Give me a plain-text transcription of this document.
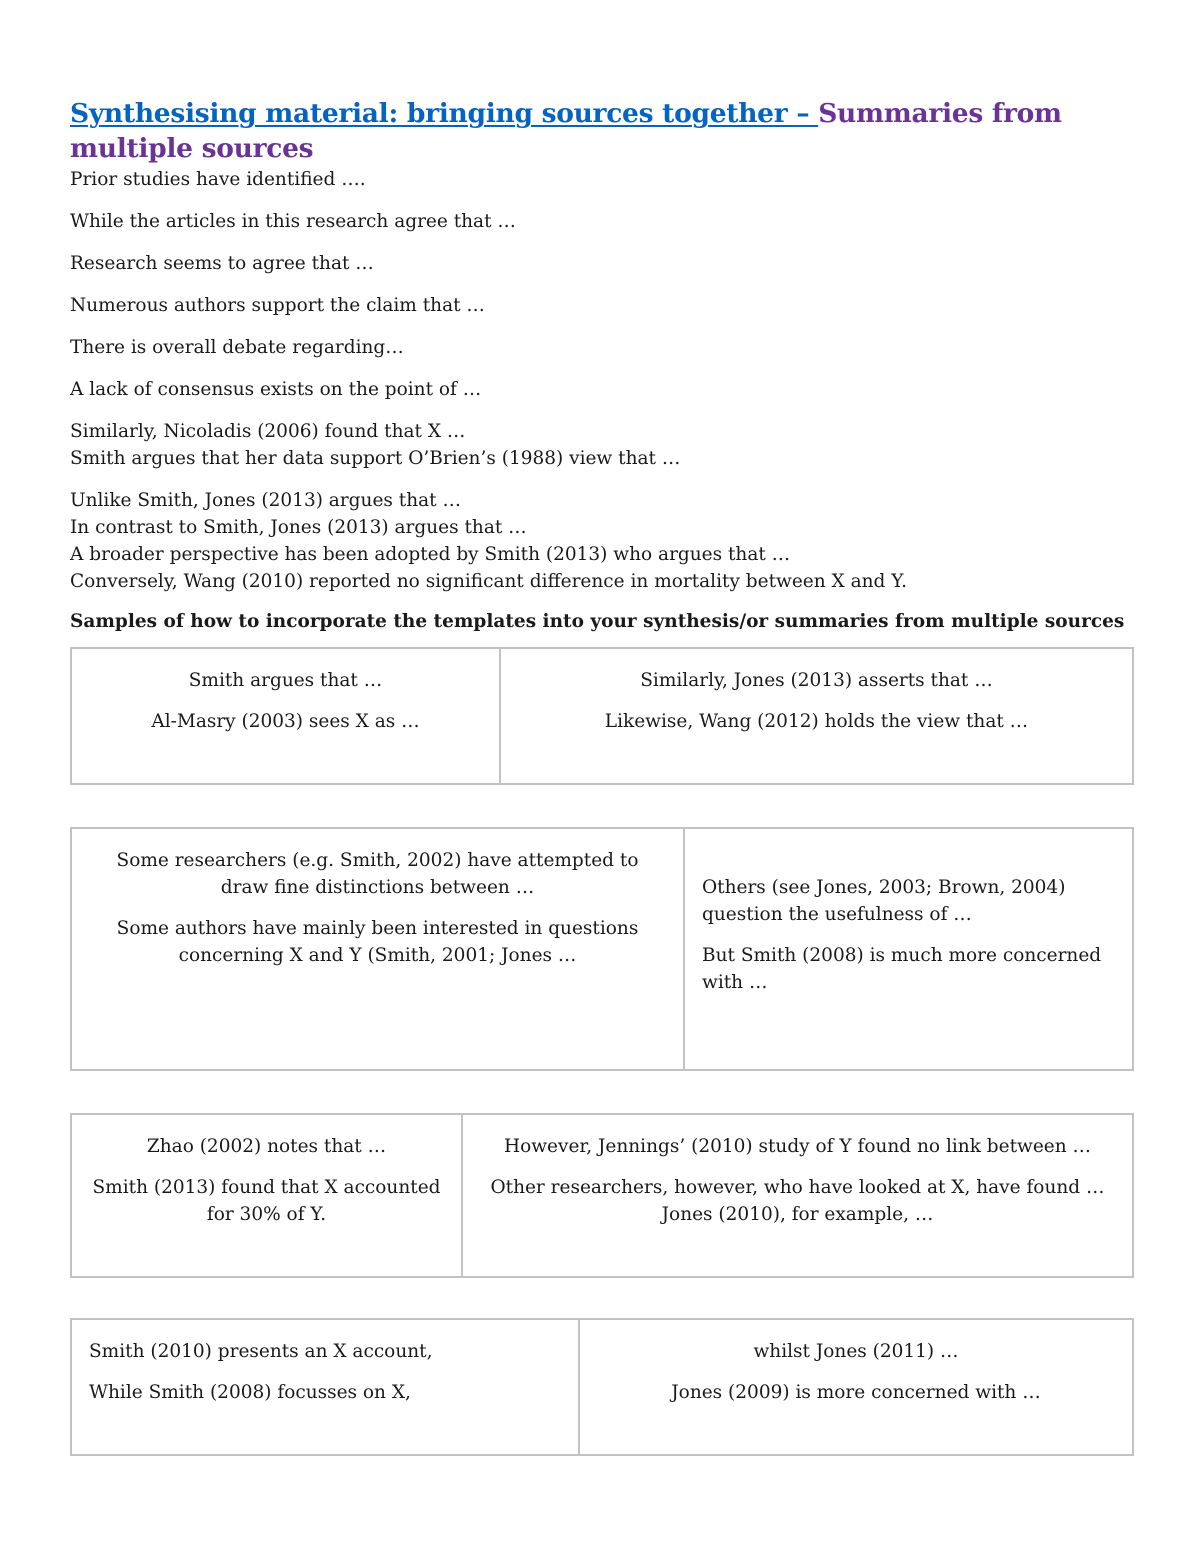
Synthesising material: bringing sources together – Summaries from multiple sources

Prior studies have identified ….

While the articles in this research agree that …

Research seems to agree that …

Numerous authors support the claim that …

There is overall debate regarding…

A lack of consensus exists on the point of …

Similarly, Nicoladis (2006) found that X …

Smith argues that her data support O’Brien’s (1988) view that …

Unlike Smith, Jones (2013) argues that …

In contrast to Smith, Jones (2013) argues that …

A broader perspective has been adopted by Smith (2013) who argues that …

Conversely, Wang (2010) reported no significant difference in mortality between X and Y.

Samples of how to incorporate the templates into your synthesis/or summaries from multiple sources

Smith argues that …

Al-Masry (2003) sees X as …

Similarly, Jones (2013) asserts that …

Likewise, Wang (2012) holds the view that …

Some researchers (e.g. Smith, 2002) have attempted to draw fine distinctions between …

Some authors have mainly been interested in questions concerning X and Y (Smith, 2001; Jones …

Others (see Jones, 2003; Brown, 2004) question the usefulness of …

But Smith (2008) is much more concerned with …

Zhao (2002) notes that …

Smith (2013) found that X accounted for 30% of Y.

However, Jennings’ (2010) study of Y found no link between …

Other researchers, however, who have looked at X, have found … Jones (2010), for example, …

Smith (2010) presents an X account,

While Smith (2008) focusses on X,

whilst Jones (2011) …

Jones (2009) is more concerned with …
